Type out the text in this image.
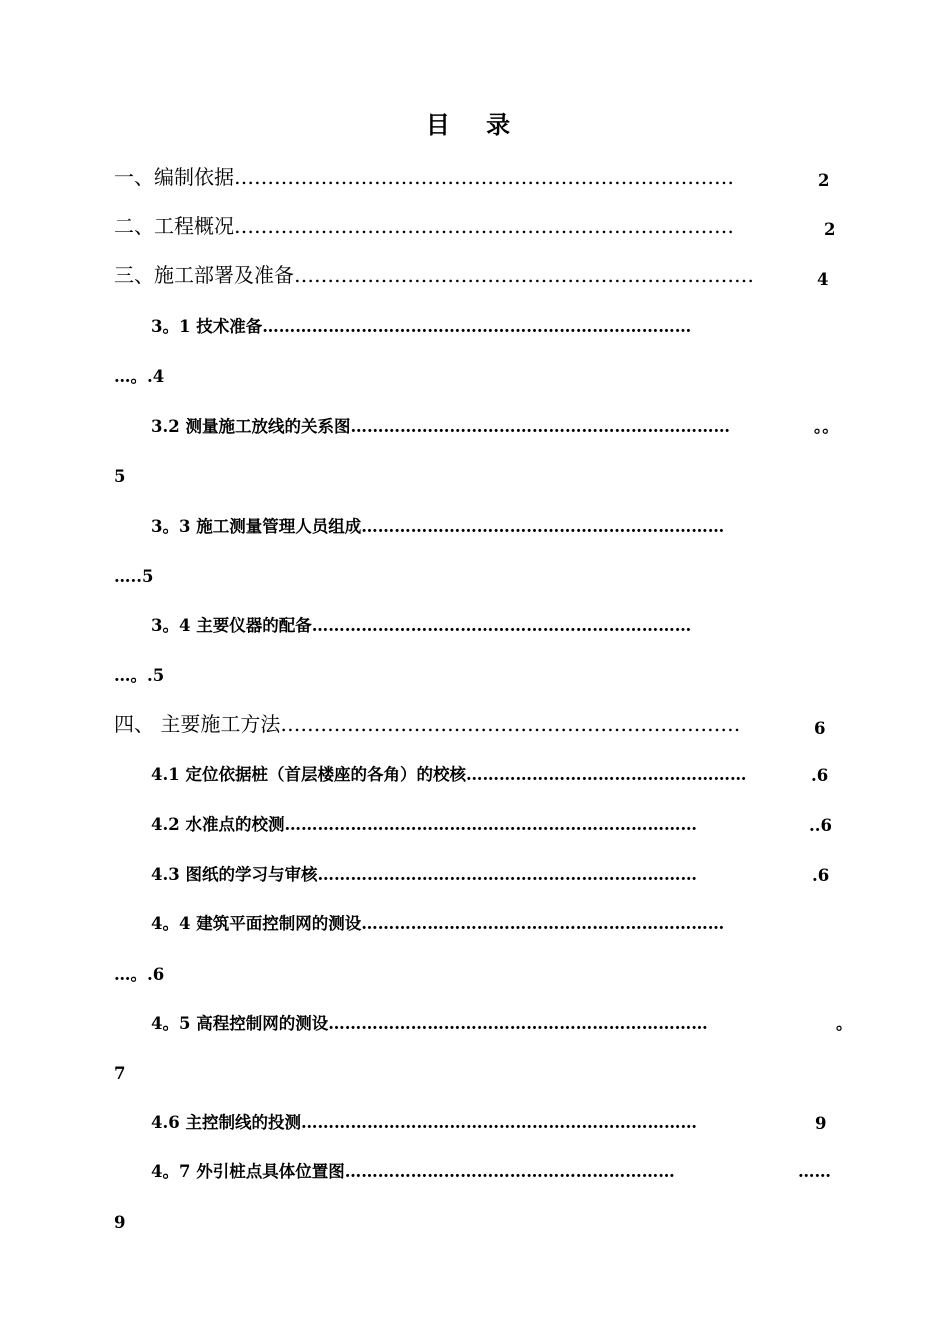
目 录
一、编制依据…………………………………………………………………	2
二、工程概况…………………………………………………………………	2
三、施工部署及准备……………………………………………………………	4
3。1 技术准备……………………………………………………………………
…。.4
3.2 测量施工放线的关系图……………………………………………………………	。。
5
3。3 施工测量管理人员组成…………………………………………………………
…..5
3。4 主要仪器的配备……………………………………………………………
…。.5
四、 主要施工方法……………………………………………………………	6
4.1 定位依据桩（首层楼座的各角）的校核……………………………………………	.6
4.2 水准点的校测…………………………………………………………………	..6
4.3 图纸的学习与审核……………………………………………………………	.6
4。4 建筑平面控制网的测设…………………………………………………………
…。.6
4。5 高程控制网的测设……………………………………………………………	。
7
4.6 主控制线的投测………………………………………………………………	9
4。7 外引桩点具体位置图……………………………………………………	……
9
